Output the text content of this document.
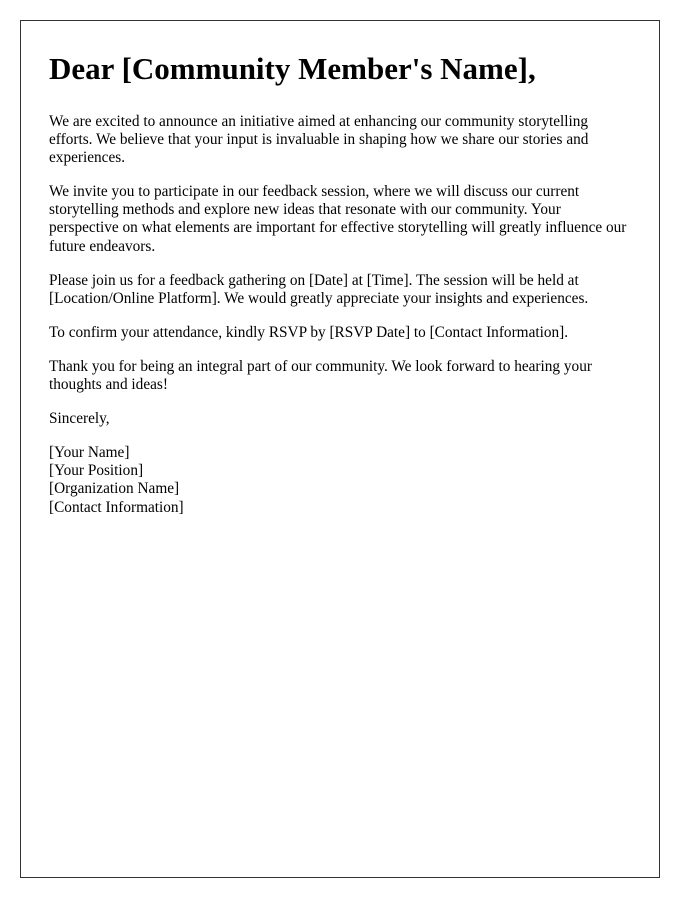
Dear [Community Member's Name],

We are excited to announce an initiative aimed at enhancing our community storytelling efforts. We believe that your input is invaluable in shaping how we share our stories and experiences.

We invite you to participate in our feedback session, where we will discuss our current storytelling methods and explore new ideas that resonate with our community. Your perspective on what elements are important for effective storytelling will greatly influence our future endeavors.

Please join us for a feedback gathering on [Date] at [Time]. The session will be held at [Location/Online Platform]. We would greatly appreciate your insights and experiences.

To confirm your attendance, kindly RSVP by [RSVP Date] to [Contact Information].

Thank you for being an integral part of our community. We look forward to hearing your thoughts and ideas!

Sincerely,

[Your Name]
[Your Position]
[Organization Name]
[Contact Information]
